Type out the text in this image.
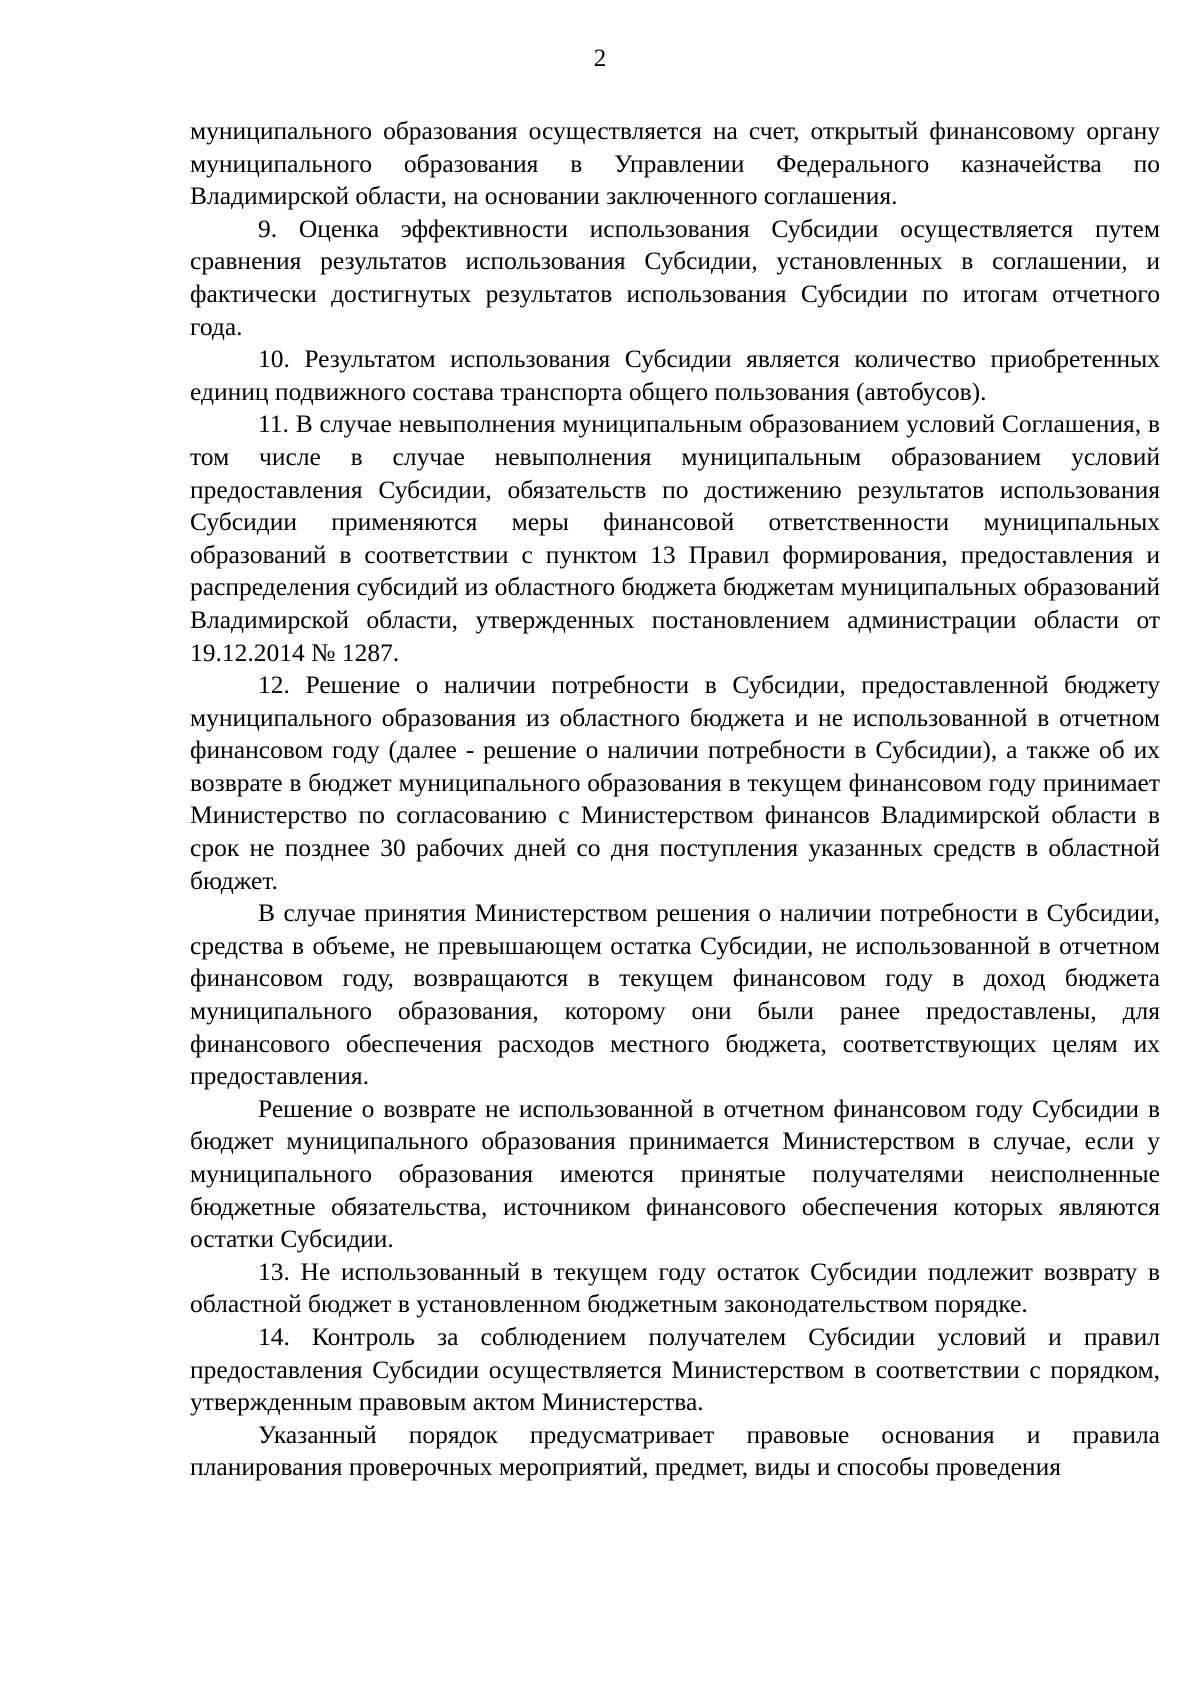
2

муниципального образования осуществляется на счет, открытый финансовому органу муниципального образования в Управлении Федерального казначейства по Владимирской области, на основании заключенного соглашения.

9. Оценка эффективности использования Субсидии осуществляется путем сравнения результатов использования Субсидии, установленных в соглашении, и фактически достигнутых результатов использования Субсидии по итогам отчетного года.

10. Результатом использования Субсидии является количество приобретенных единиц подвижного состава транспорта общего пользования (автобусов).

11. В случае невыполнения муниципальным образованием условий Соглашения, в том числе в случае невыполнения муниципальным образованием условий предоставления Субсидии, обязательств по достижению результатов использования Субсидии применяются меры финансовой ответственности муниципальных образований в соответствии с пунктом 13 Правил формирования, предоставления и распределения субсидий из областного бюджета бюджетам муниципальных образований Владимирской области, утвержденных постановлением администрации области от 19.12.2014 № 1287.

12. Решение о наличии потребности в Субсидии, предоставленной бюджету муниципального образования из областного бюджета и не использованной в отчетном финансовом году (далее - решение о наличии потребности в Субсидии), а также об их возврате в бюджет муниципального образования в текущем финансовом году принимает Министерство по согласованию с Министерством финансов Владимирской области в срок не позднее 30 рабочих дней со дня поступления указанных средств в областной бюджет.

В случае принятия Министерством решения о наличии потребности в Субсидии, средства в объеме, не превышающем остатка Субсидии, не использованной в отчетном финансовом году, возвращаются в текущем финансовом году в доход бюджета муниципального образования, которому они были ранее предоставлены, для финансового обеспечения расходов местного бюджета, соответствующих целям их предоставления.

Решение о возврате не использованной в отчетном финансовом году Субсидии в бюджет муниципального образования принимается Министерством в случае, если у муниципального образования имеются принятые получателями неисполненные бюджетные обязательства, источником финансового обеспечения которых являются остатки Субсидии.

13. Не использованный в текущем году остаток Субсидии подлежит возврату в областной бюджет в установленном бюджетным законодательством порядке.

14. Контроль за соблюдением получателем Субсидии условий и правил предоставления Субсидии осуществляется Министерством в соответствии с порядком, утвержденным правовым актом Министерства.

Указанный порядок предусматривает правовые основания и правила планирования проверочных мероприятий, предмет, виды и способы проведения
